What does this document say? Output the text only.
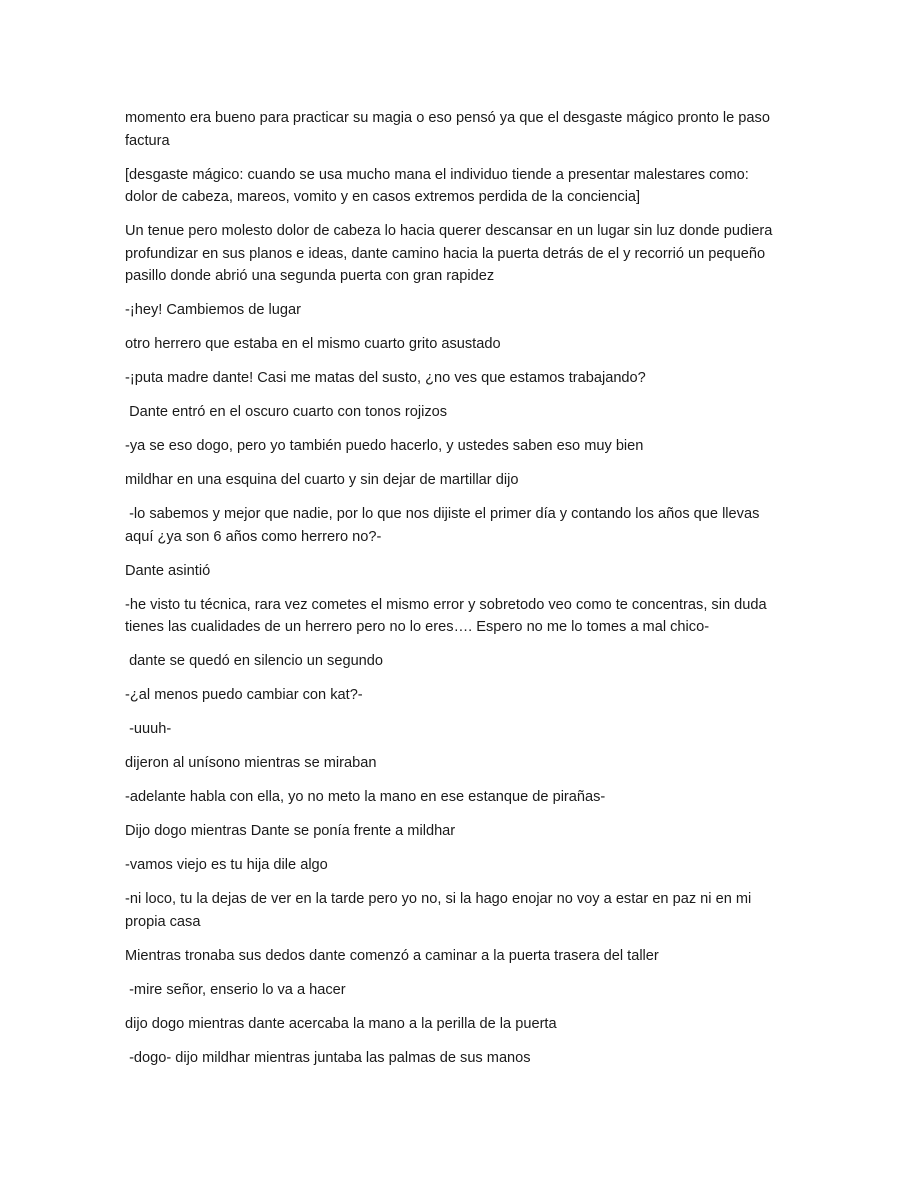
momento era bueno para practicar su magia o eso pensó ya que el desgaste mágico pronto le paso factura

[desgaste mágico: cuando se usa mucho mana el individuo tiende a presentar malestares como: dolor de cabeza, mareos, vomito y en casos extremos perdida de la conciencia]

Un tenue pero molesto dolor de cabeza lo hacia querer descansar en un lugar sin luz donde pudiera profundizar en sus planos e ideas, dante camino hacia la puerta detrás de el y recorrió un pequeño pasillo donde abrió una segunda puerta con gran rapidez

-¡hey! Cambiemos de lugar

otro herrero que estaba en el mismo cuarto grito asustado

-¡puta madre dante! Casi me matas del susto, ¿no ves que estamos trabajando?

Dante entró en el oscuro cuarto con tonos rojizos

-ya se eso dogo, pero yo también puedo hacerlo, y ustedes saben eso muy bien

mildhar en una esquina del cuarto y sin dejar de martillar dijo

-lo sabemos y mejor que nadie, por lo que nos dijiste el primer día y contando los años que llevas aquí ¿ya son 6 años como herrero no?-

Dante asintió

-he visto tu técnica, rara vez cometes el mismo error y sobretodo veo como te concentras, sin duda tienes las cualidades de un herrero pero no lo eres…. Espero no me lo tomes a mal chico-

dante se quedó en silencio un segundo

-¿al menos puedo cambiar con kat?-

-uuuh-

dijeron al unísono mientras se miraban

-adelante habla con ella, yo no meto la mano en ese estanque de pirañas-

Dijo dogo mientras Dante se ponía frente a mildhar

-vamos viejo es tu hija dile algo

-ni loco, tu la dejas de ver en la tarde pero yo no, si la hago enojar no voy a estar en paz ni en mi propia casa

Mientras tronaba sus dedos dante comenzó a caminar a la puerta trasera del taller

-mire señor, enserio lo va a hacer

dijo dogo mientras dante acercaba la mano a la perilla de la puerta

-dogo- dijo mildhar mientras juntaba las palmas de sus manos
